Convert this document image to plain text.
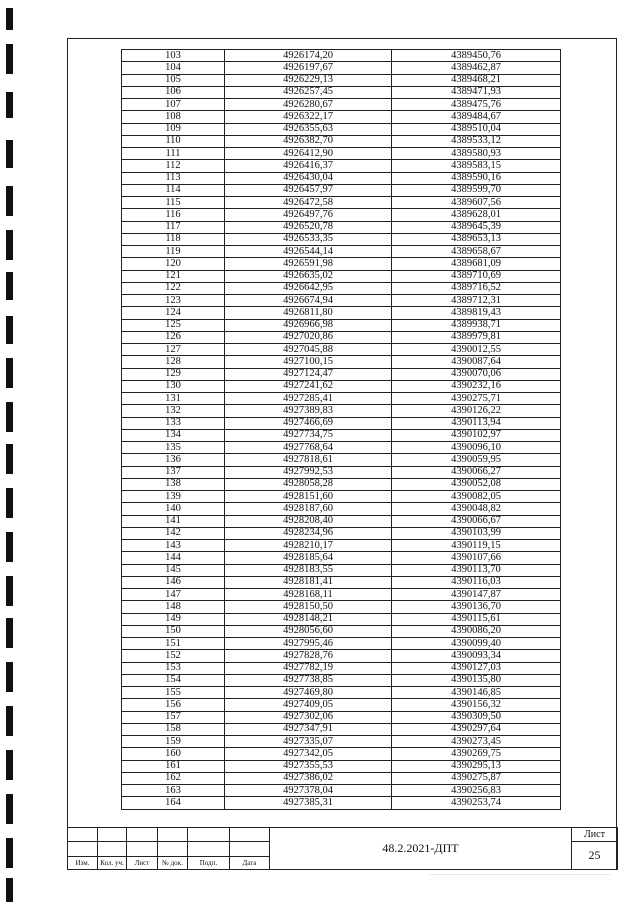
103	4926174,20	4389450,76
104	4926197,67	4389462,87
105	4926229,13	4389468,21
106	4926257,45	4389471,93
107	4926280,67	4389475,76
108	4926322,17	4389484,67
109	4926355,63	4389510,04
110	4926382,70	4389533,12
111	4926412,90	4389580,93
112	4926416,37	4389583,15
113	4926430,04	4389590,16
114	4926457,97	4389599,70
115	4926472,58	4389607,56
116	4926497,76	4389628,01
117	4926520,78	4389645,39
118	4926533,35	4389653,13
119	4926544,14	4389658,67
120	4926591,98	4389681,09
121	4926635,02	4389710,69
122	4926642,95	4389716,52
123	4926674,94	4389712,31
124	4926811,80	4389819,43
125	4926966,98	4389938,71
126	4927020,86	4389979,81
127	4927045,88	4390012,55
128	4927100,15	4390087,64
129	4927124,47	4390070,06
130	4927241,62	4390232,16
131	4927285,41	4390275,71
132	4927389,83	4390126,22
133	4927466,69	4390113,94
134	4927734,75	4390102,97
135	4927768,64	4390096,10
136	4927818,61	4390059,95
137	4927992,53	4390066,27
138	4928058,28	4390052,08
139	4928151,60	4390082,05
140	4928187,60	4390048,82
141	4928208,40	4390066,67
142	4928234,96	4390103,99
143	4928210,17	4390119,15
144	4928185,64	4390107,66
145	4928183,55	4390113,70
146	4928181,41	4390116,03
147	4928168,11	4390147,87
148	4928150,50	4390136,70
149	4928148,21	4390115,61
150	4928056,60	4390086,20
151	4927995,46	4390099,40
152	4927828,76	4390093,34
153	4927782,19	4390127,03
154	4927738,85	4390135,80
155	4927469,80	4390146,85
156	4927409,05	4390156,32
157	4927302,06	4390309,50
158	4927347,91	4390297,64
159	4927335,07	4390273,45
160	4927342,05	4390269,75
161	4927355,53	4390295,13
162	4927386,02	4390275,87
163	4927378,04	4390256,83
164	4927385,31	4390253,74
						48.2.2021-ДПТ	Лист
							25
Изм.	Кол. уч.	Лист	№ док.	Подп.	Дата		
